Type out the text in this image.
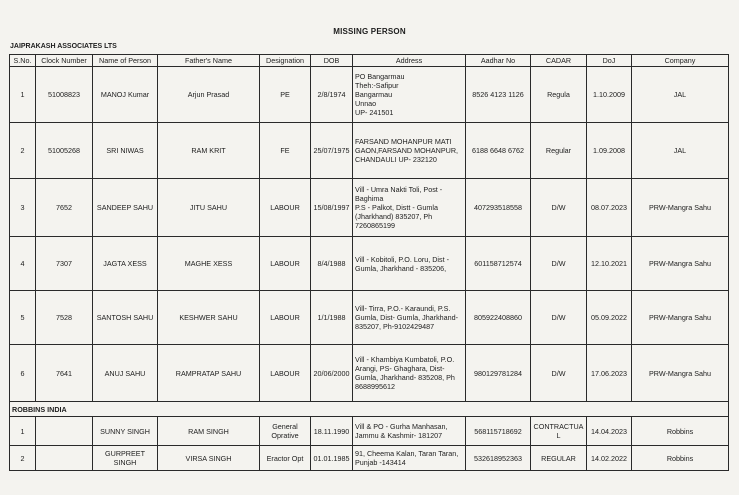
MISSING PERSON
JAIPRAKASH ASSOCIATES LTS
S.No.	Clock Number	Name of Person	Father's Name	Designation	DOB	Address	Aadhar No	CADAR	DoJ	Company
1	51008823	MANOJ Kumar	Arjun Prasad	PE	2/8/1974	PO Bangarmau
Theh:-Safipur
Bangarmau
Unnao
UP- 241501	8526 4123 1126	Regula	1.10.2009	JAL
2	51005268	SRI NIWAS	RAM KRIT	FE	25/07/1975	FARSAND MOHANPUR MATI GAON,FARSAND MOHANPUR, CHANDAULI UP- 232120	6188 6648 6762	Regular	1.09.2008	JAL
3	7652	SANDEEP SAHU	JITU SAHU	LABOUR	15/08/1997	Vill - Umra Nakti Toli, Post - Baghima
P.S - Palkot, Distt - Gumla (Jharkhand) 835207, Ph 7260865199	407293518558	D/W	08.07.2023	PRW-Mangra Sahu
4	7307	JAGTA XESS	MAGHE XESS	LABOUR	8/4/1988	Vill - Kobitoli, P.O. Loru, Dist - Gumla, Jharkhand - 835206,	601158712574	D/W	12.10.2021	PRW-Mangra Sahu
5	7528	SANTOSH SAHU	KESHWER SAHU	LABOUR	1/1/1988	Vill- Tirra, P.O.- Karaundi, P.S. Gumla, Dist- Gumla, Jharkhand-835207, Ph-9102429487	805922408860	D/W	05.09.2022	PRW-Mangra Sahu
6	7641	ANUJ SAHU	RAMPRATAP SAHU	LABOUR	20/06/2000	Vill - Khambiya Kumbatoli, P.O. Arangi, PS- Ghaghara, Dist-Gumla, Jharkhand- 835208, Ph 8688995612	980129781284	D/W	17.06.2023	PRW-Mangra Sahu
ROBBINS INDIA										
1		SUNNY SINGH	RAM SINGH	General Oprative	18.11.1990	Vill & PO - Gurha Manhasan, Jammu & Kashmir- 181207	568115718692	CONTRACTUAL	14.04.2023	Robbins
2		GURPREET SINGH	VIRSA SINGH	Eractor Opt	01.01.1985	91, Cheema Kalan, Taran Taran, Punjab -143414	532618952363	REGULAR	14.02.2022	Robbins
